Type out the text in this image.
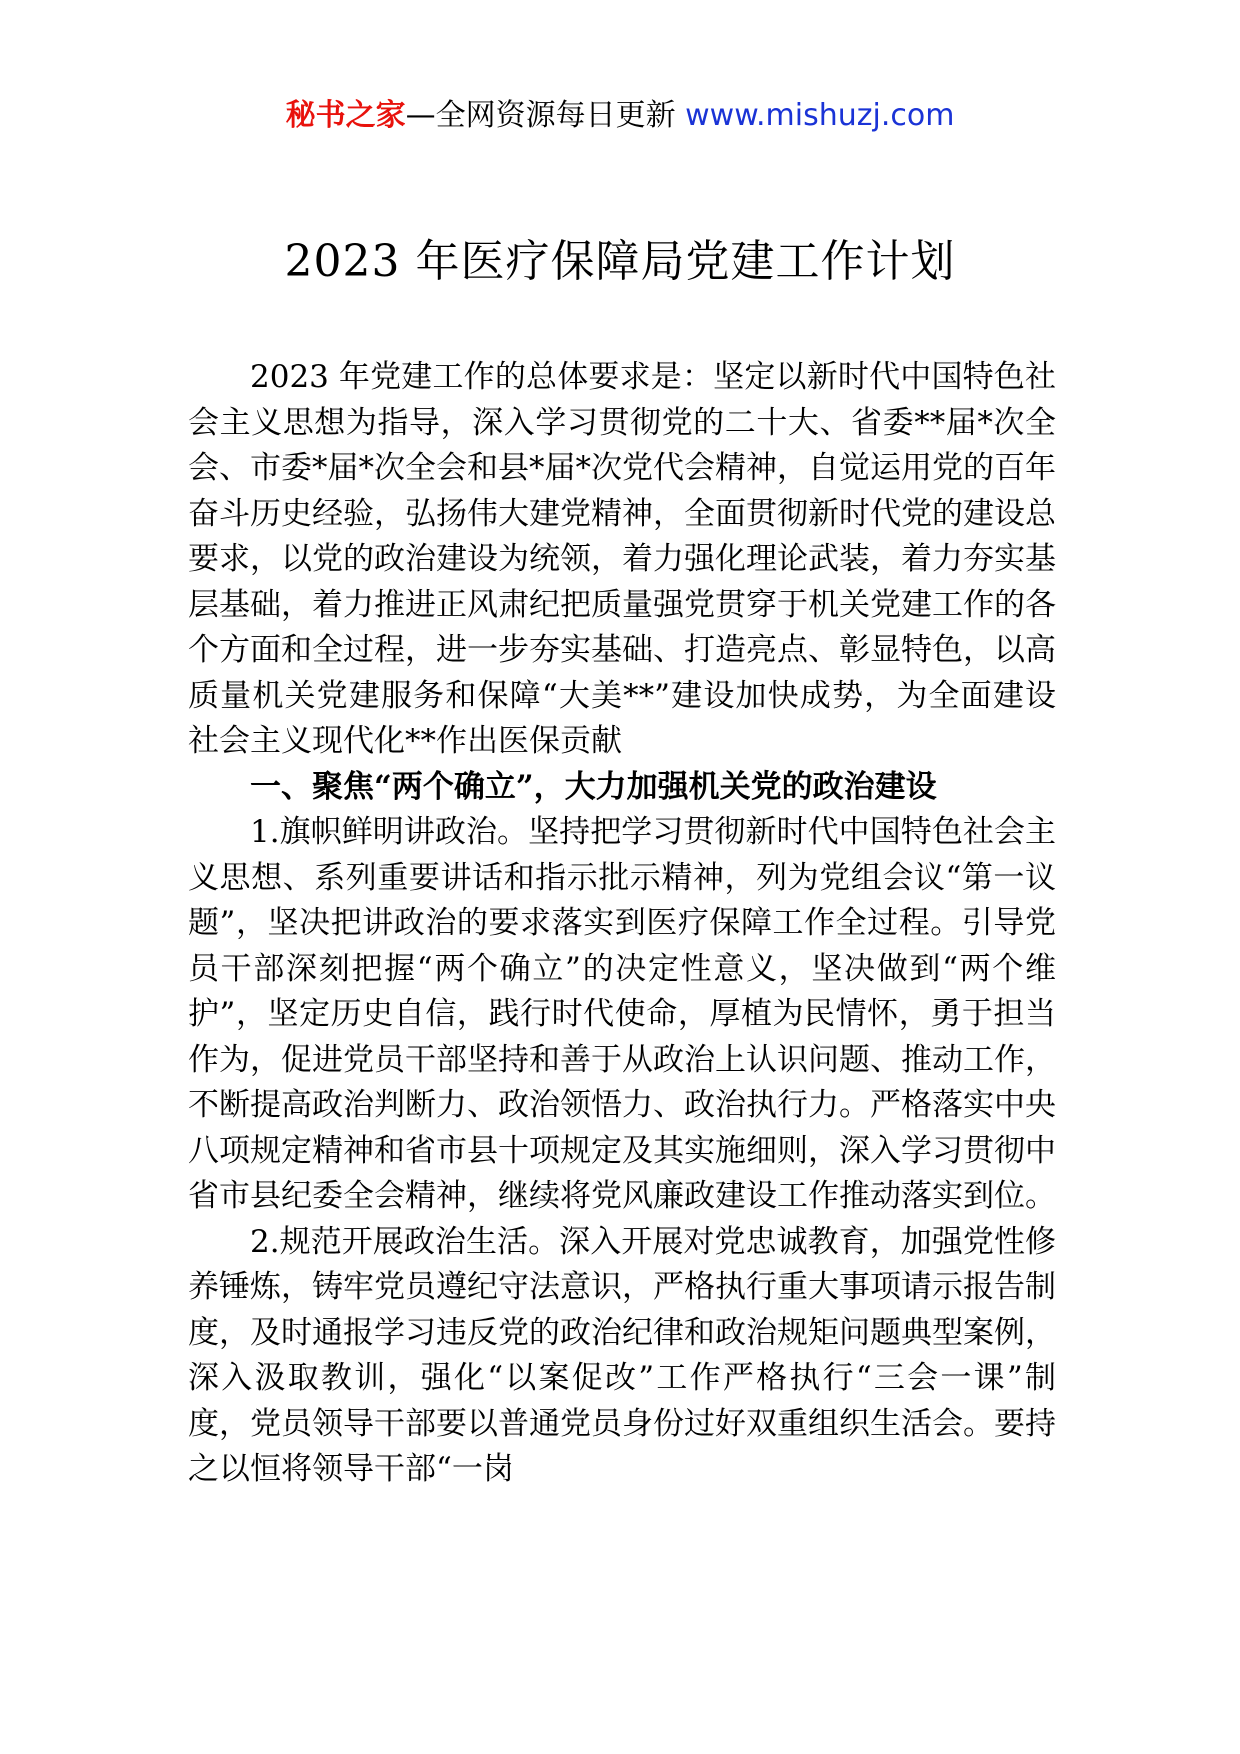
秘书之家—全网资源每日更新 www.mishuzj.com
2023 年医疗保障局党建工作计划

2023 年党建工作的总体要求是：坚定以新时代中国特色社会主义思想为指导，深入学习贯彻党的二十大、省委**届*次全会、市委*届*次全会和县*届*次党代会精神，自觉运用党的百年奋斗历史经验，弘扬伟大建党精神，全面贯彻新时代党的建设总要求，以党的政治建设为统领，着力强化理论武装，着力夯实基层基础，着力推进正风肃纪把质量强党贯穿于机关党建工作的各个方面和全过程，进一步夯实基础、打造亮点、彰显特色，以高质量机关党建服务和保障“大美**”建设加快成势，为全面建设社会主义现代化**作出医保贡献

一、聚焦“两个确立”，大力加强机关党的政治建设

1.旗帜鲜明讲政治。坚持把学习贯彻新时代中国特色社会主义思想、系列重要讲话和指示批示精神，列为党组会议“第一议题”，坚决把讲政治的要求落实到医疗保障工作全过程。引导党员干部深刻把握“两个确立”的决定性意义，坚决做到“两个维护”，坚定历史自信，践行时代使命，厚植为民情怀，勇于担当作为，促进党员干部坚持和善于从政治上认识问题、推动工作，不断提高政治判断力、政治领悟力、政治执行力。严格落实中央八项规定精神和省市县十项规定及其实施细则，深入学习贯彻中省市县纪委全会精神，继续将党风廉政建设工作推动落实到位。

2.规范开展政治生活。深入开展对党忠诚教育，加强党性修养锤炼，铸牢党员遵纪守法意识，严格执行重大事项请示报告制度，及时通报学习违反党的政治纪律和政治规矩问题典型案例，深入汲取教训，强化“以案促改”工作严格执行“三会一课”制度，党员领导干部要以普通党员身份过好双重组织生活会。要持之以恒将领导干部“一岗
